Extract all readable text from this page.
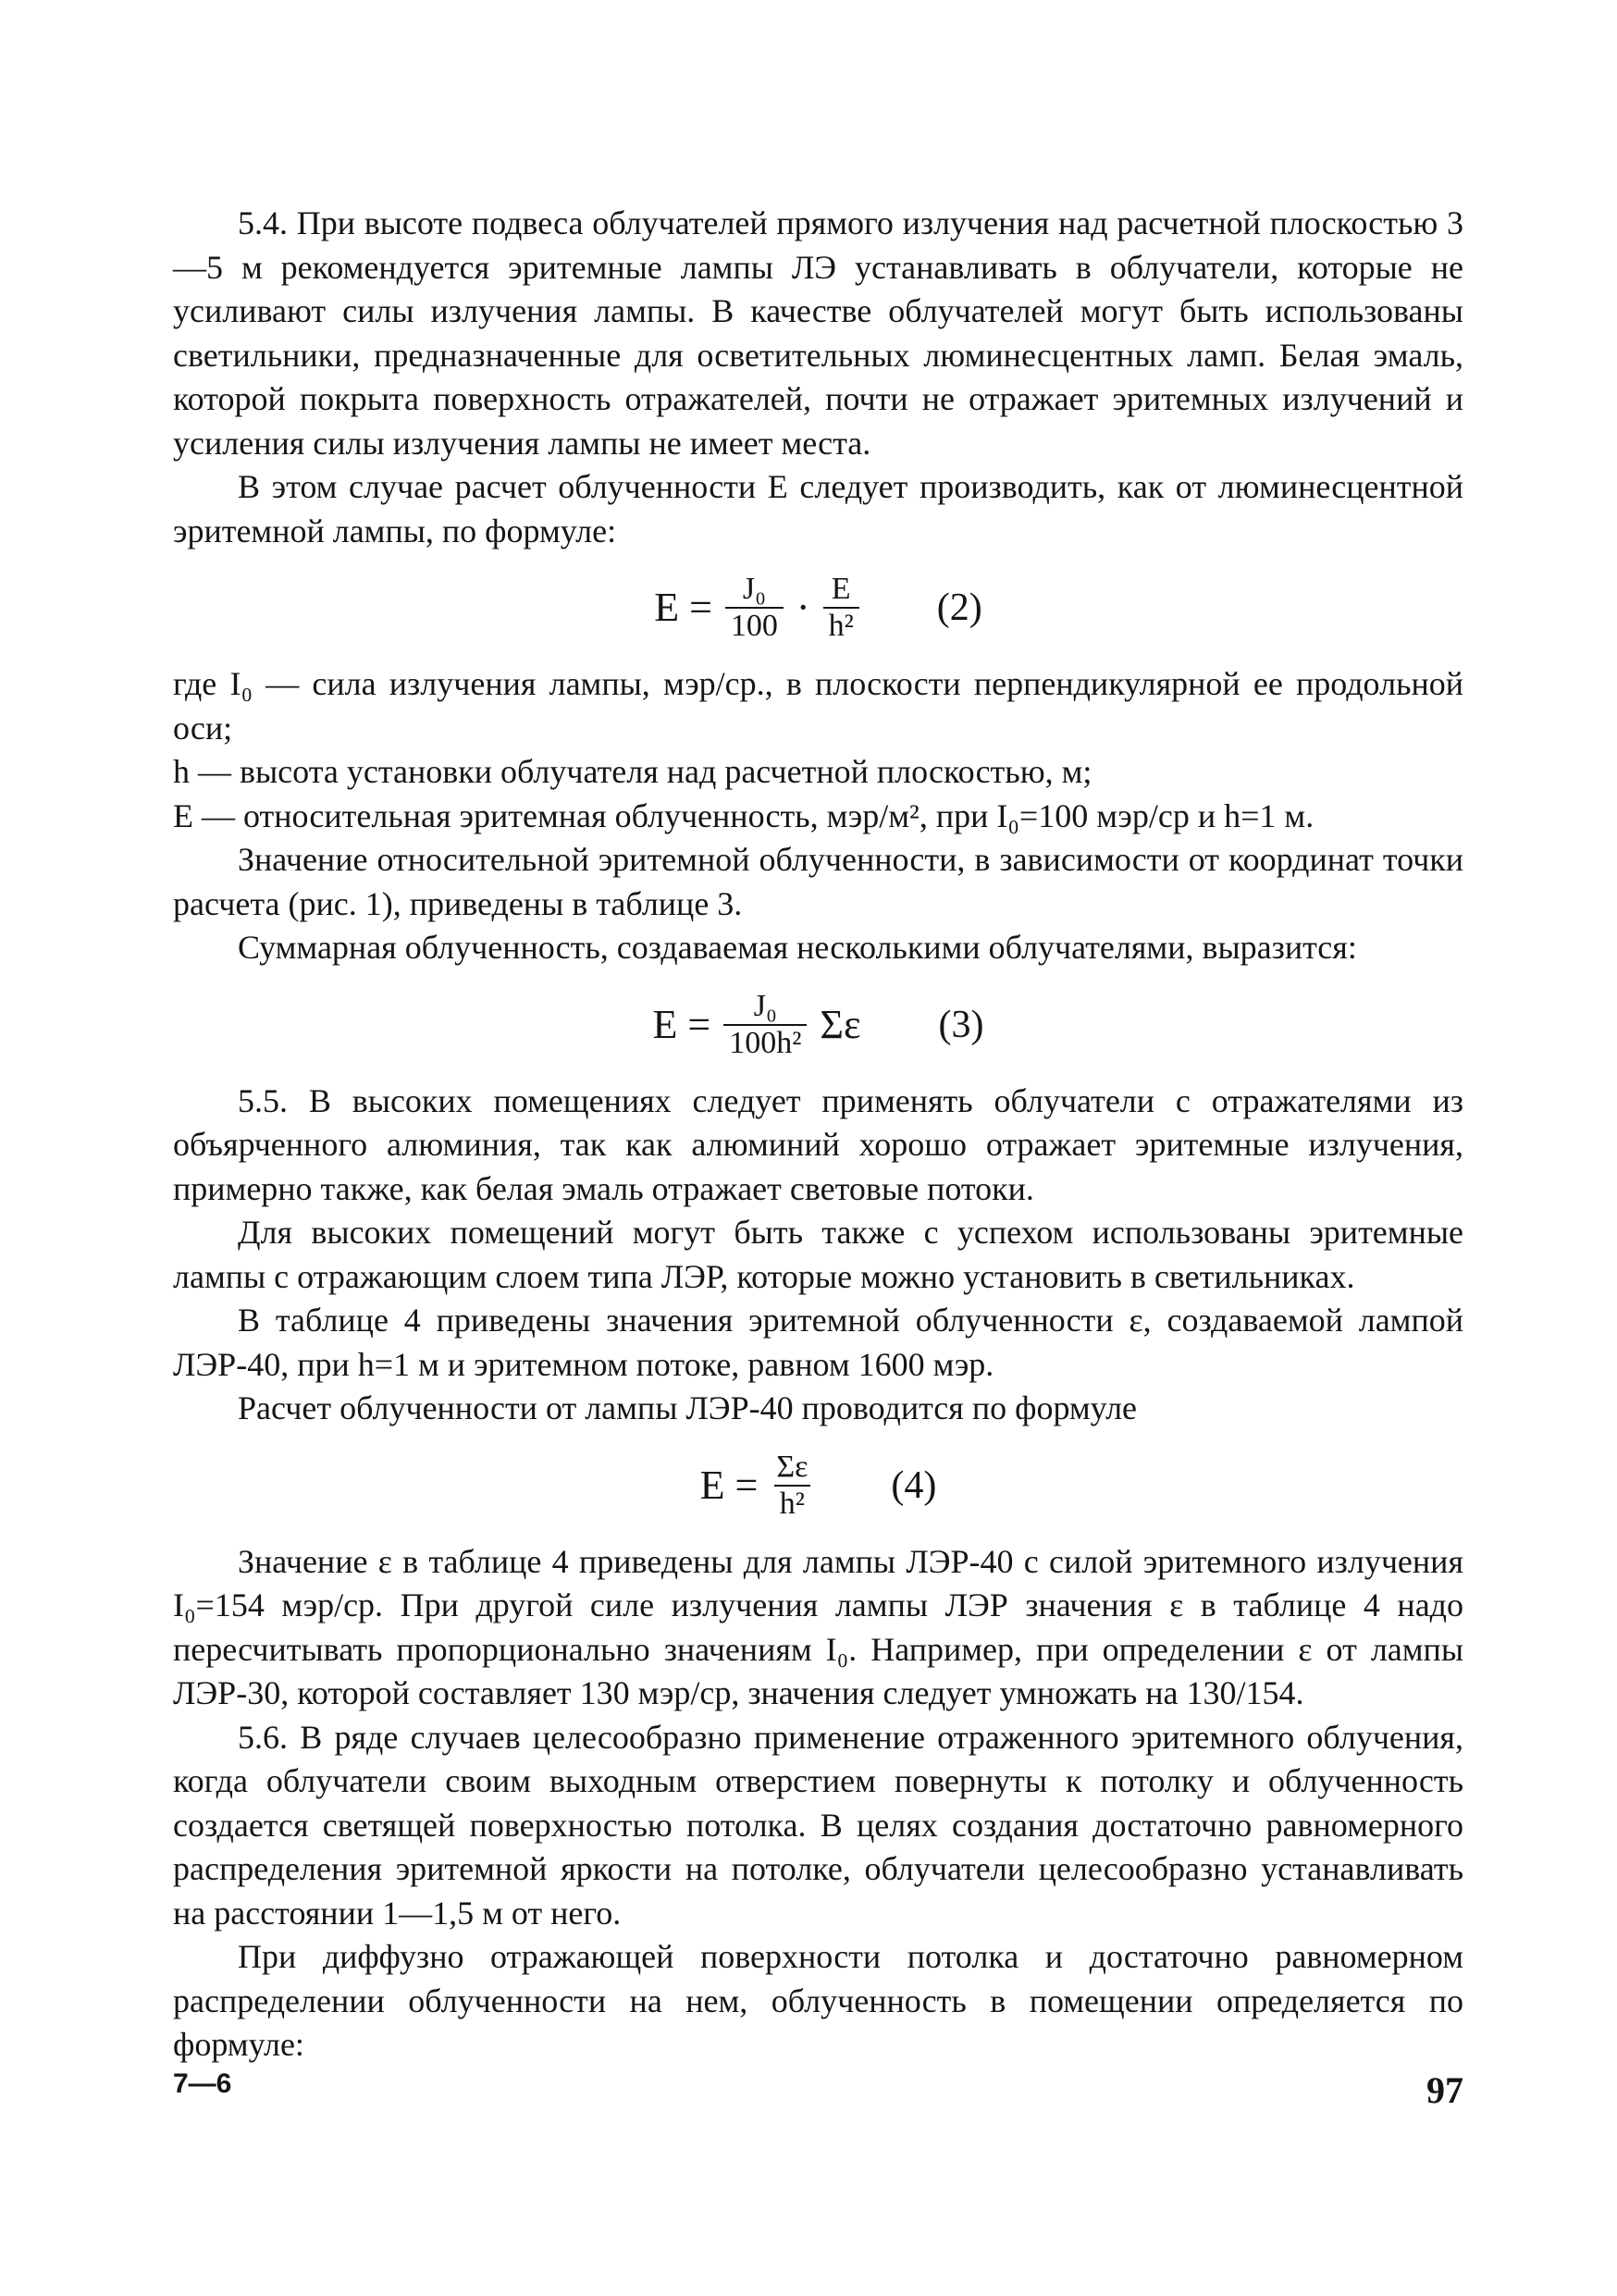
5.4. При высоте подвеса облучателей прямого излучения над расчетной плоскостью 3—5 м рекомендуется эритемные лампы ЛЭ устанавливать в облучатели, которые не усиливают силы излучения лампы. В качестве облучателей могут быть использованы светильники, предназначенные для осветительных люминесцентных ламп. Белая эмаль, которой покрыта поверхность отражателей, почти не отражает эритемных излучений и усиления силы излучения лампы не имеет места.

В этом случае расчет облученности E следует производить, как от люминесцентной эритемной лампы, по формуле:

$E = \frac{\text{J₀}}{100} \cdot \frac{E}{\text{h²}} (2)$
где I₀ — сила излучения лампы, мэр/ср., в плоскости перпендикулярной ее продольной оси;
h — высота установки облучателя над расчетной плоскостью, м;
E — относительная эритемная облученность, мэр/м², при I₀=100 мэр/ср и h=1 м.

Значение относительной эритемной облученности, в зависимости от координат точки расчета (рис. 1), приведены в таблице 3.

Суммарная облученность, создаваемая несколькими облучателями, выразится:

$E = \frac{\text{J₀}}{\text{100h²}}$ Σε (3)

5.5. В высоких помещениях следует применять облучатели с отражателями из объярченного алюминия, так как алюминий хорошо отражает эритемные излучения, примерно также, как белая эмаль отражает световые потоки.

Для высоких помещений могут быть также с успехом использованы эритемные лампы с отражающим слоем типа ЛЭР, которые можно установить в светильниках.

В таблице 4 приведены значения эритемной облученности ε, создаваемой лампой ЛЭР-40, при h=1 м и эритемном потоке, равном 1600 мэр.

Расчет облученности от лампы ЛЭР-40 проводится по формуле

$E = \frac{\Sigma\varepsilon}{\text{h²}} (4)$

Значение ε в таблице 4 приведены для лампы ЛЭР-40 с силой эритемного излучения I₀=154 мэр/ср. При другой силе излучения лампы ЛЭР значения ε в таблице 4 надо пересчитывать пропорционально значениям I₀. Например, при определении ε от лампы ЛЭР-30, которой составляет 130 мэр/ср, значения следует умножать на 130/154.

5.6. В ряде случаев целесообразно применение отраженного эритемного облучения, когда облучатели своим выходным отверстием повернуты к потолку и облученность создается светящей поверхностью потолка. В целях создания достаточно равномерного распределения эритемной яркости на потолке, облучатели целесообразно устанавливать на расстоянии 1—1,5 м от него.

При диффузно отражающей поверхности потолка и достаточно равномерном распределении облученности на нем, облученность в помещении определяется по формуле:

7—6	97
